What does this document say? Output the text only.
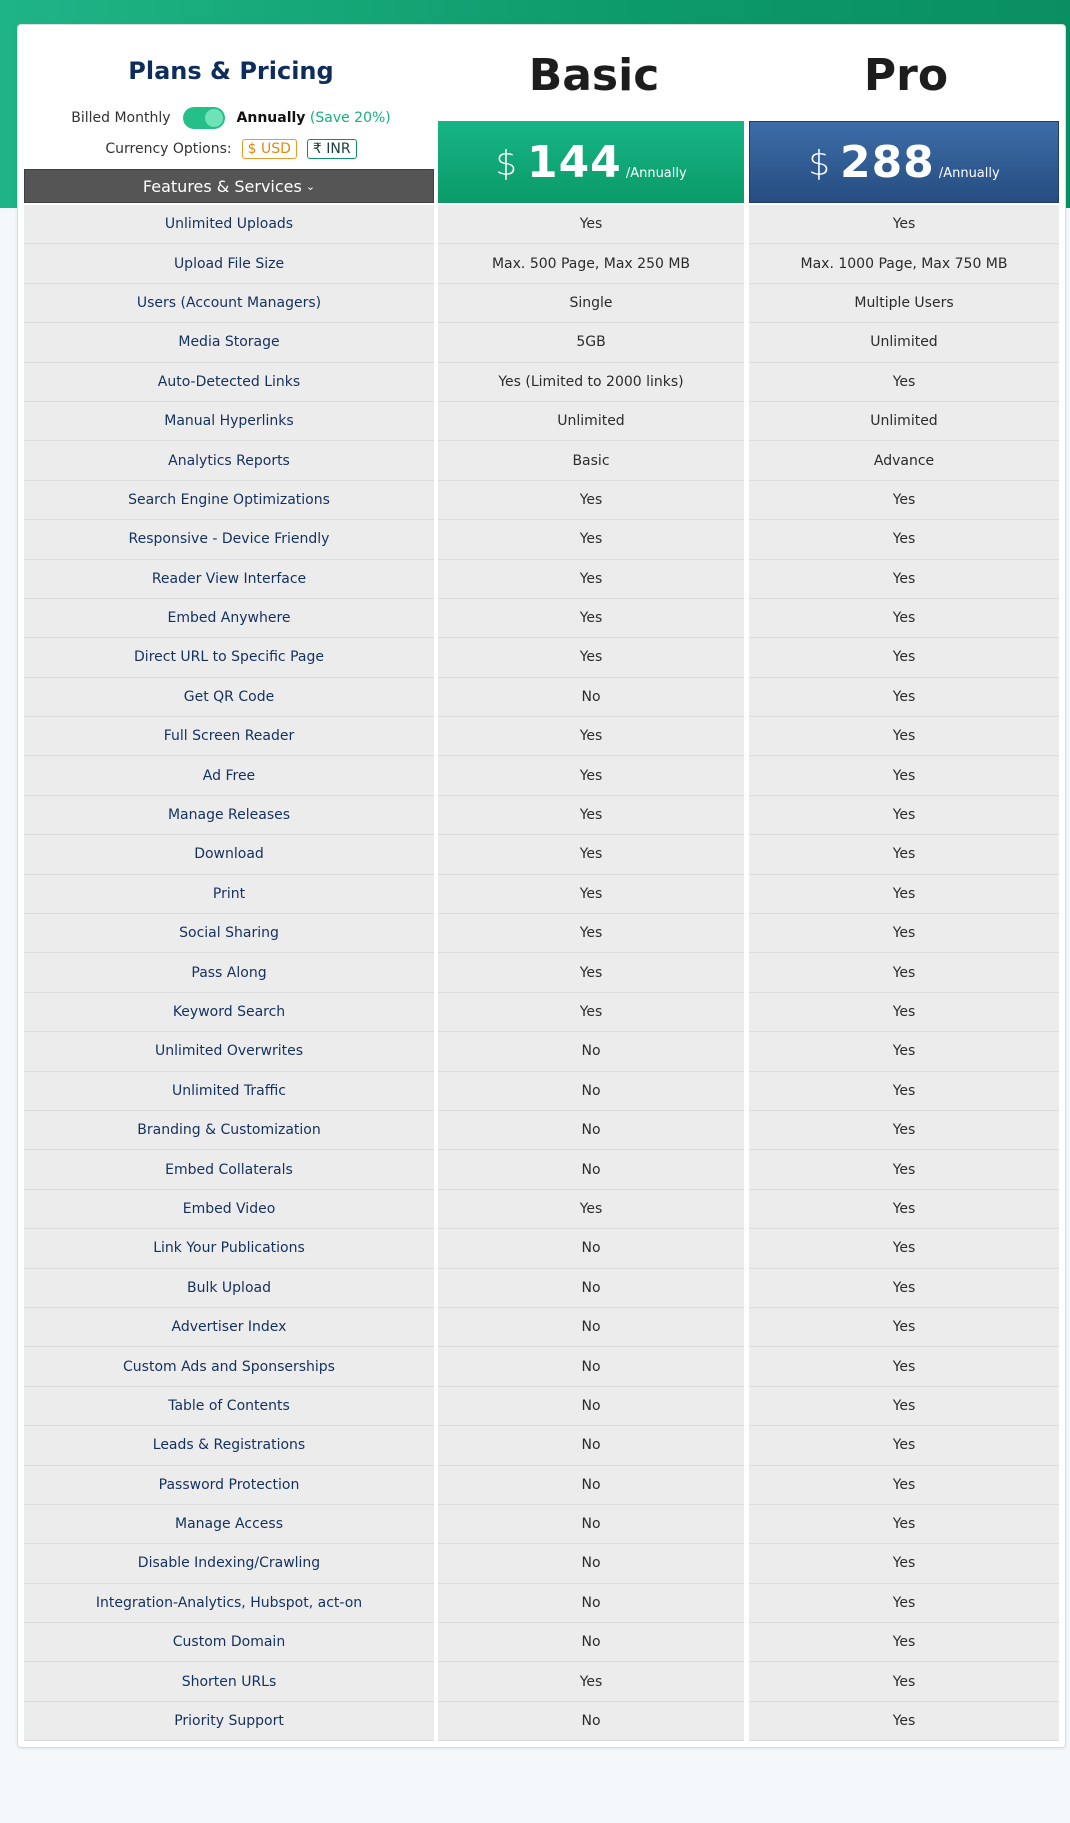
Plans & Pricing
Billed Monthly	Annually (Save 20%)
Currency Options:	$ USD	₹ INR
Basic	Pro
$ 144 /Annually	$ 288 /Annually
Features & Services ⌄
Unlimited Uploads	Yes	Yes
Upload File Size	Max. 500 Page, Max 250 MB	Max. 1000 Page, Max 750 MB
Users (Account Managers)	Single	Multiple Users
Media Storage	5GB	Unlimited
Auto-Detected Links	Yes (Limited to 2000 links)	Yes
Manual Hyperlinks	Unlimited	Unlimited
Analytics Reports	Basic	Advance
Search Engine Optimizations	Yes	Yes
Responsive - Device Friendly	Yes	Yes
Reader View Interface	Yes	Yes
Embed Anywhere	Yes	Yes
Direct URL to Specific Page	Yes	Yes
Get QR Code	No	Yes
Full Screen Reader	Yes	Yes
Ad Free	Yes	Yes
Manage Releases	Yes	Yes
Download	Yes	Yes
Print	Yes	Yes
Social Sharing	Yes	Yes
Pass Along	Yes	Yes
Keyword Search	Yes	Yes
Unlimited Overwrites	No	Yes
Unlimited Traffic	No	Yes
Branding & Customization	No	Yes
Embed Collaterals	No	Yes
Embed Video	Yes	Yes
Link Your Publications	No	Yes
Bulk Upload	No	Yes
Advertiser Index	No	Yes
Custom Ads and Sponserships	No	Yes
Table of Contents	No	Yes
Leads & Registrations	No	Yes
Password Protection	No	Yes
Manage Access	No	Yes
Disable Indexing/Crawling	No	Yes
Integration-Analytics, Hubspot, act-on	No	Yes
Custom Domain	No	Yes
Shorten URLs	Yes	Yes
Priority Support	No	Yes
